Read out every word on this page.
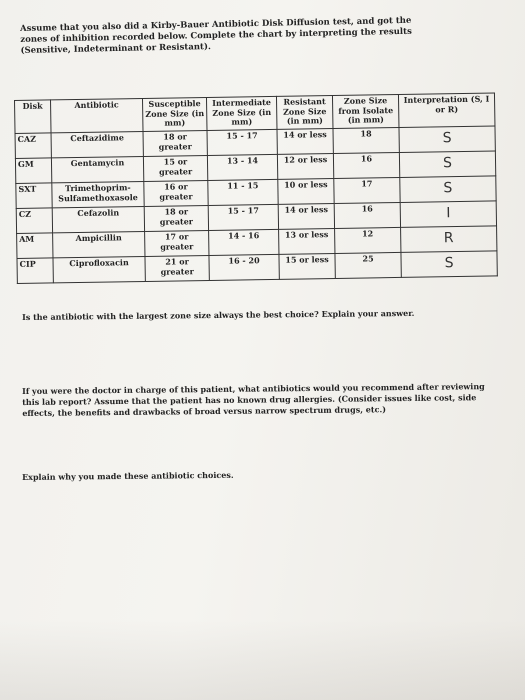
Assume that you also did a Kirby-Bauer Antibiotic Disk Diffusion test, and got the zones of inhibition recorded below. Complete the chart by interpreting the results (Sensitive, Indeterminant or Resistant).
Disk	Antibiotic	Susceptible Zone Size (in mm)	Intermediate Zone Size (in mm)	Resistant Zone Size (in mm)	Zone Size from Isolate (in mm)	Interpretation (S, I or R)
CAZ	Ceftazidime	18 or greater	15 - 17	14 or less	18	S
GM	Gentamycin	15 or greater	13 - 14	12 or less	16	S
SXT	Trimethoprim-Sulfamethoxasole	16 or greater	11 - 15	10 or less	17	S
CZ	Cefazolin	18 or greater	15 - 17	14 or less	16	I
AM	Ampicillin	17 or greater	14 - 16	13 or less	12	R
CIP	Ciprofloxacin	21 or greater	16 - 20	15 or less	25	S
Is the antibiotic with the largest zone size always the best choice? Explain your answer.
If you were the doctor in charge of this patient, what antibiotics would you recommend after reviewing this lab report? Assume that the patient has no known drug allergies. (Consider issues like cost, side effects, the benefits and drawbacks of broad versus narrow spectrum drugs, etc.)
Explain why you made these antibiotic choices.
